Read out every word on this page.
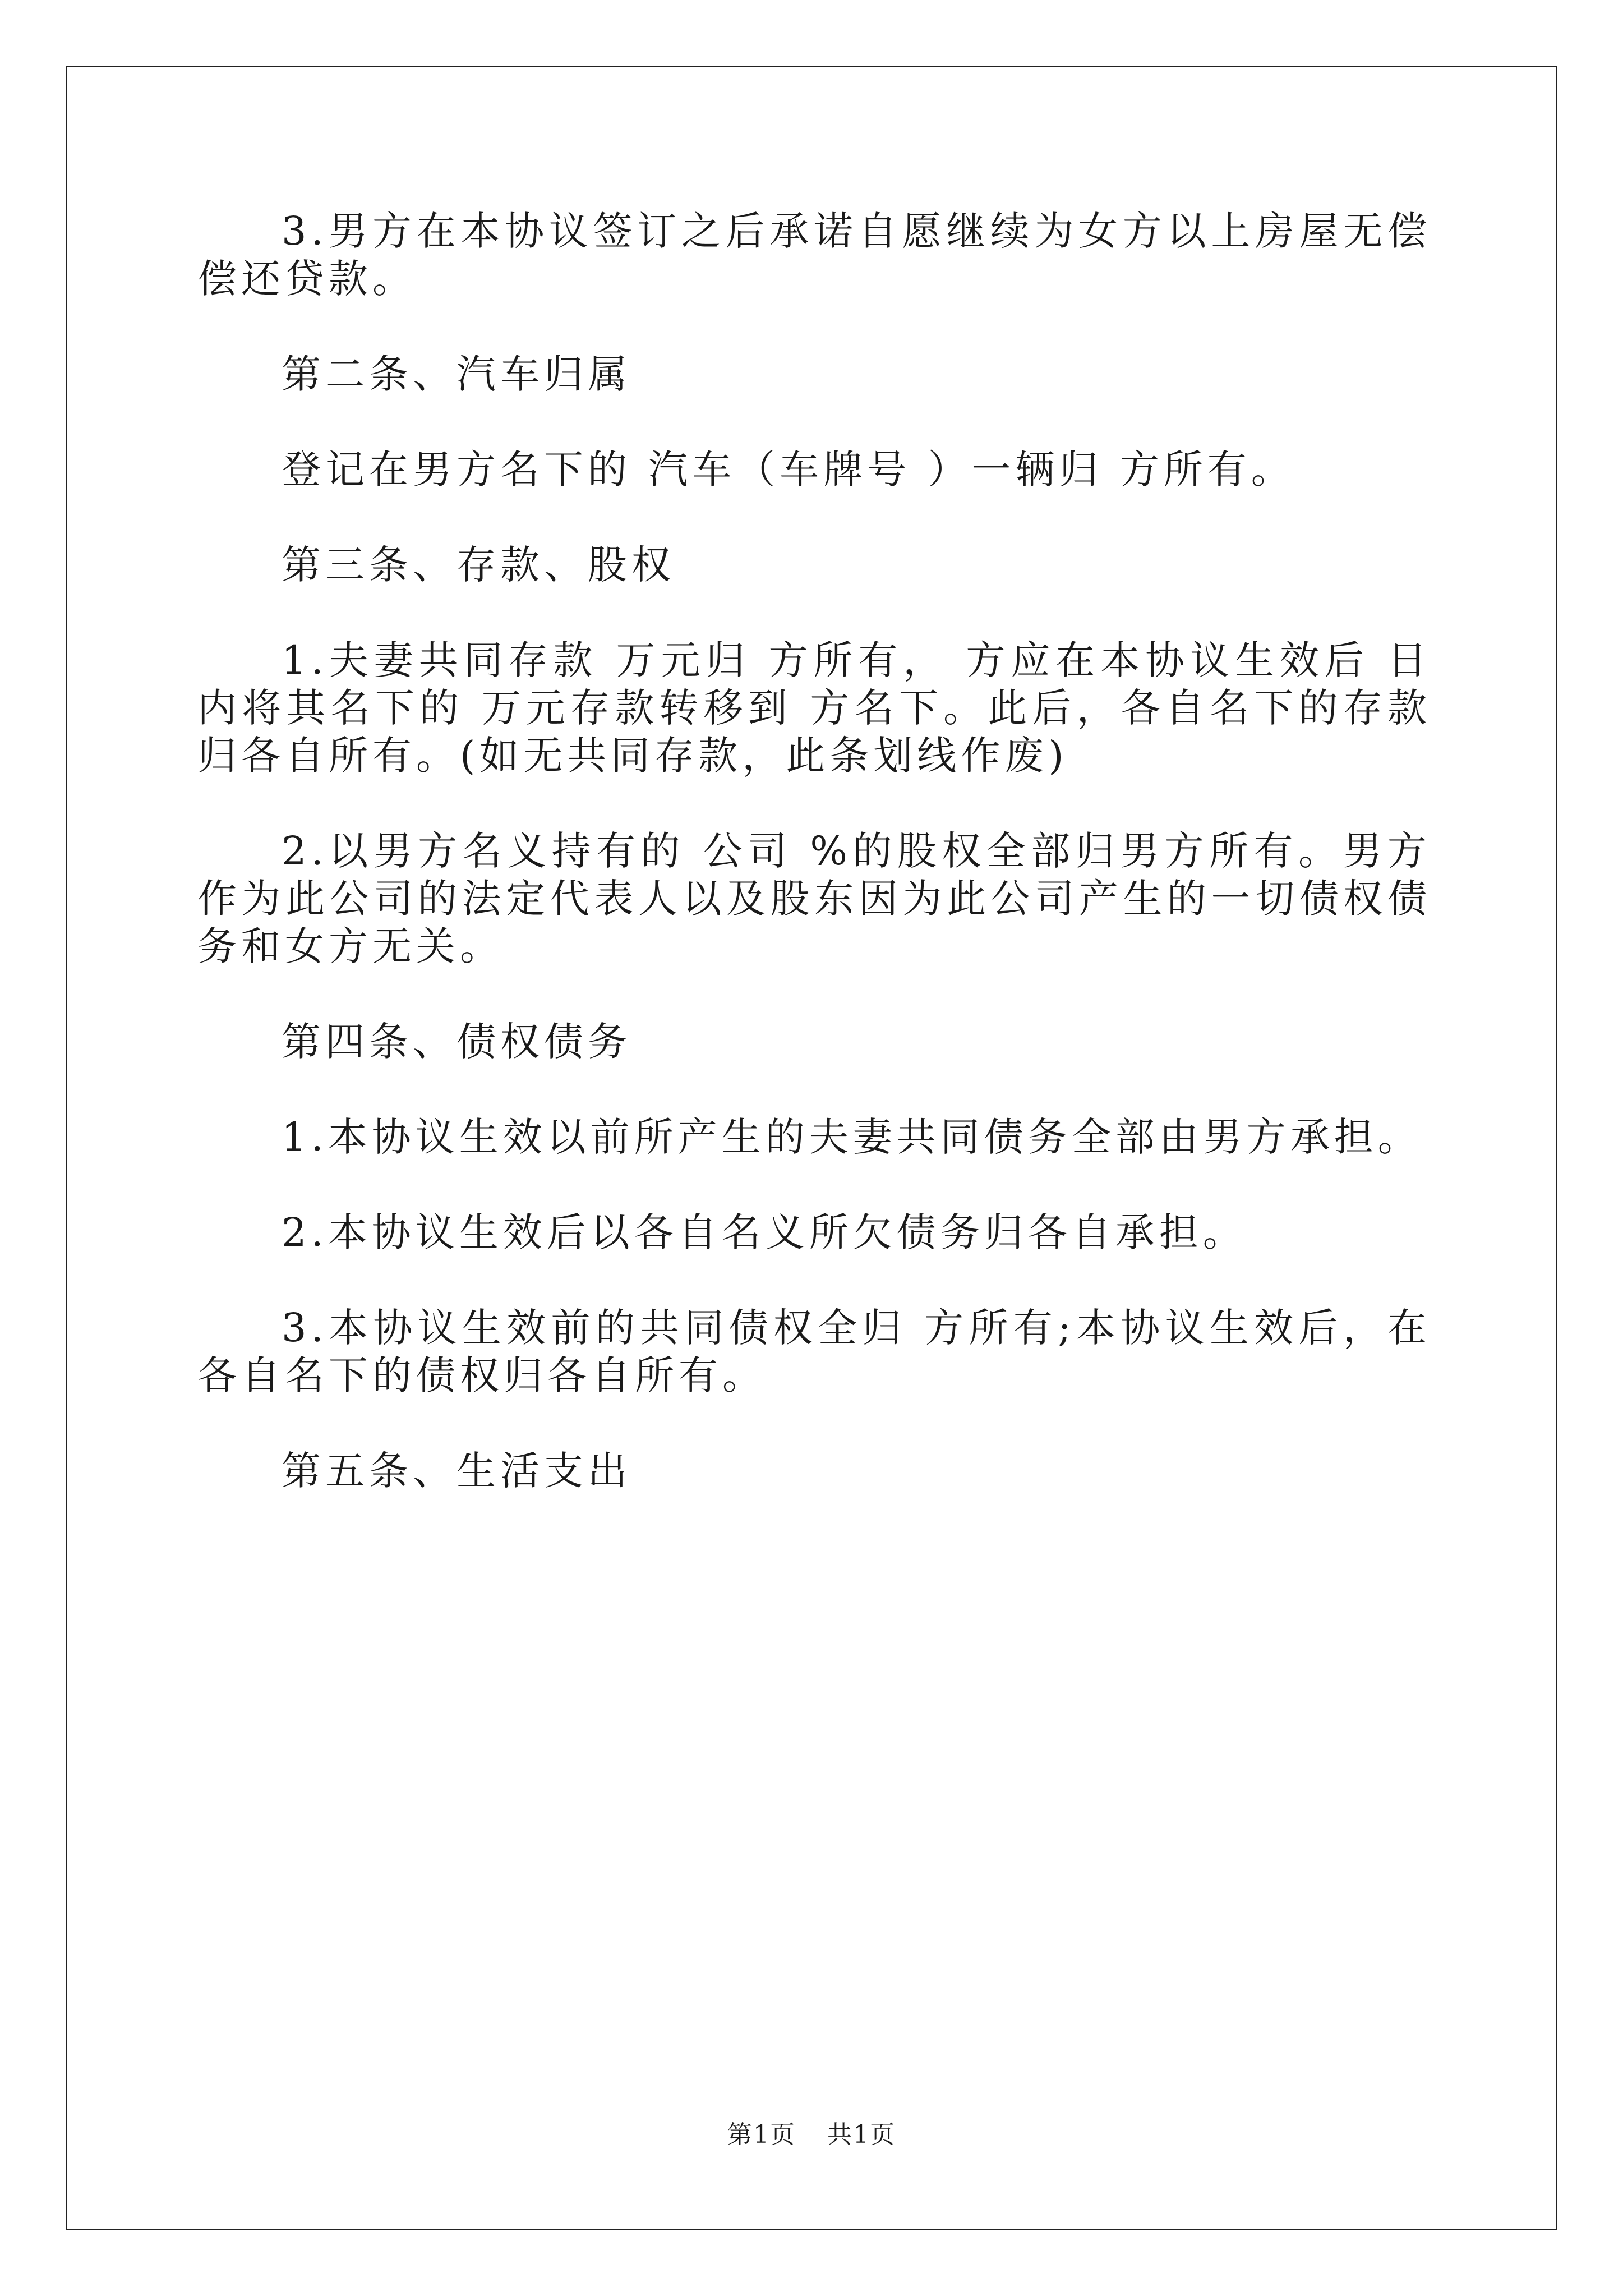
3.男方在本协议签订之后承诺自愿继续为女方以上房屋无偿偿还贷款。

第二条、汽车归属

登记在男方名下的 汽车（车牌号 ）一辆归 方所有。

第三条、存款、股权

1.夫妻共同存款 万元归 方所有， 方应在本协议生效后 日内将其名下的 万元存款转移到 方名下。此后，各自名下的存款归各自所有。(如无共同存款，此条划线作废)

2.以男方名义持有的 公司 %的股权全部归男方所有。男方作为此公司的法定代表人以及股东因为此公司产生的一切债权债务和女方无关。

第四条、债权债务

1.本协议生效以前所产生的夫妻共同债务全部由男方承担。

2.本协议生效后以各自名义所欠债务归各自承担。

3.本协议生效前的共同债权全归 方所有;本协议生效后，在各自名下的债权归各自所有。

第五条、生活支出

第1页 共1页
